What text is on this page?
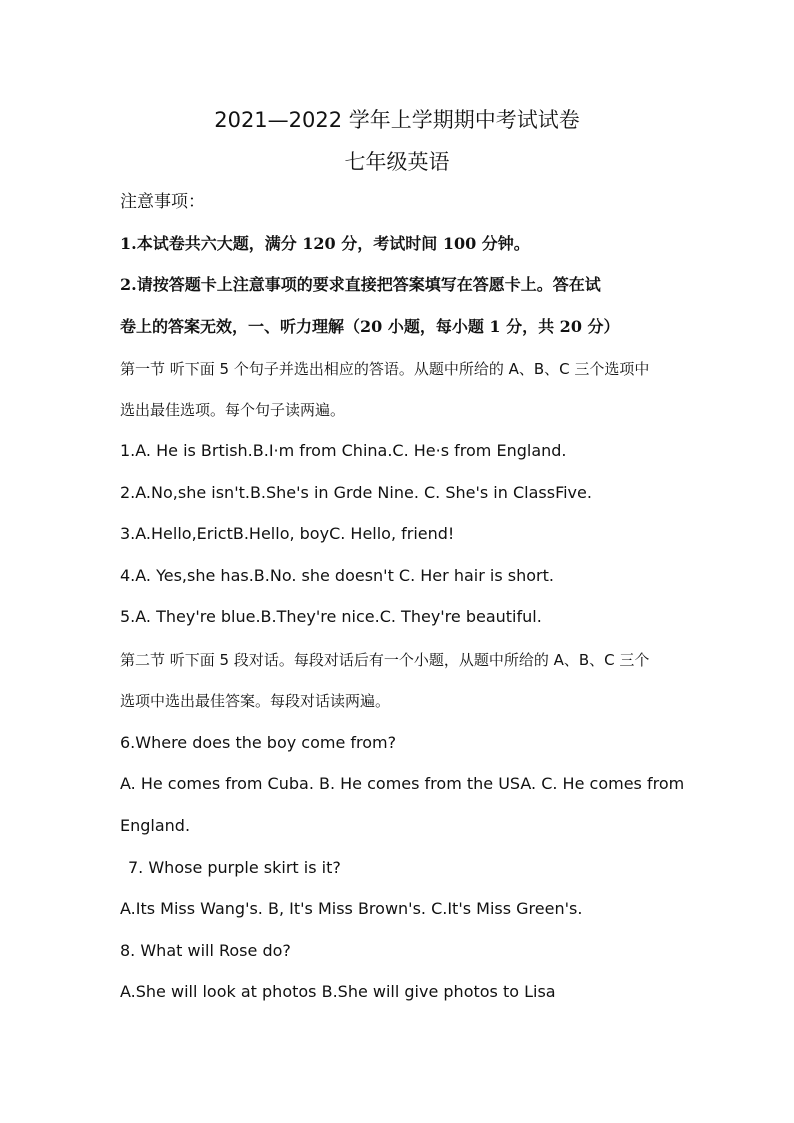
2021—2022 学年上学期期中考试试卷
七年级英语
注意事项：
1.本试卷共六大题，满分 120 分，考试时间 100 分钟。
2.请按答题卡上注意事项的要求直接把答案填写在答愿卡上。答在试
卷上的答案无效，一、听力理解（20 小题，每小题 1 分，共 20 分）
第一节 听下面 5 个句子并选出相应的答语。从题中所给的 A、B、C 三个选项中
选出最佳选项。每个句子读两遍。
1.A. He is Brtish.B.I·m from China.C. He·s from England.
2.A.No,she isn't.B.She's in Grde Nine. C. She's in ClassFive.
3.A.Hello,ErictB.Hello, boyC. Hello, friend!
4.A. Yes,she has.B.No. she doesn't C. Her hair is short.
5.A. They're blue.B.They're nice.C. They're beautiful.
第二节 听下面 5 段对话。每段对话后有一个小题，从题中所给的 A、B、C 三个
选项中选出最佳答案。每段对话读两遍。
6.Where does the boy come from?
A. He comes from Cuba. B. He comes from the USA. C. He comes from
England.
7. Whose purple skirt is it?
A.Its Miss Wang's. B, It's Miss Brown's. C.It's Miss Green's.
8. What will Rose do?
A.She will look at photos B.She will give photos to Lisa
